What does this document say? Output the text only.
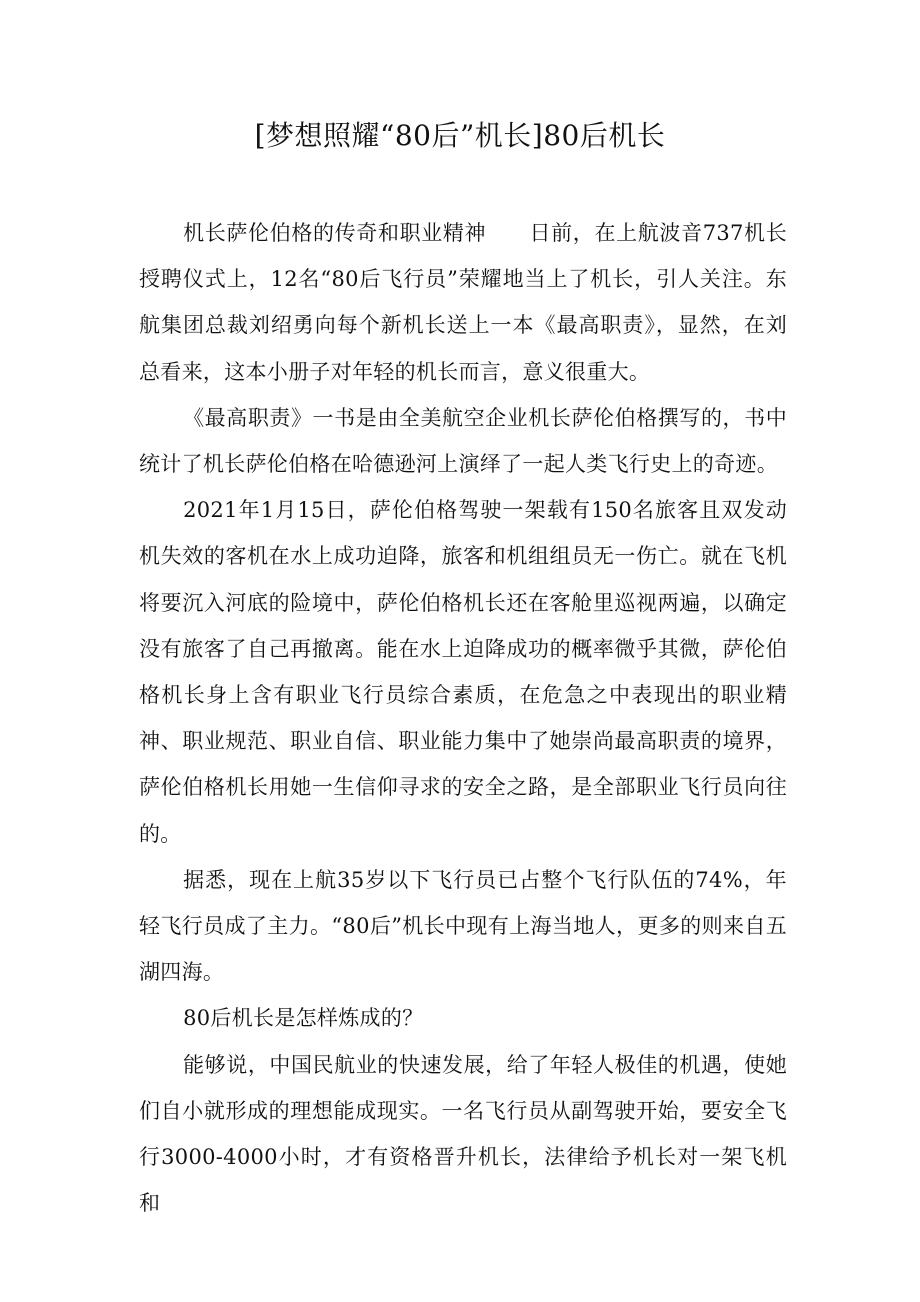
[梦想照耀“80后”机长]80后机长

机长萨伦伯格的传奇和职业精神　　日前，在上航波音737机长授聘仪式上，12名“80后飞行员”荣耀地当上了机长，引人关注。东航集团总裁刘绍勇向每个新机长送上一本《最高职责》，显然，在刘总看来，这本小册子对年轻的机长而言，意义很重大。

《最高职责》一书是由全美航空企业机长萨伦伯格撰写的，书中统计了机长萨伦伯格在哈德逊河上演绎了一起人类飞行史上的奇迹。

2021年1月15日，萨伦伯格驾驶一架载有150名旅客且双发动机失效的客机在水上成功迫降，旅客和机组组员无一伤亡。就在飞机将要沉入河底的险境中，萨伦伯格机长还在客舱里巡视两遍，以确定没有旅客了自己再撤离。能在水上迫降成功的概率微乎其微，萨伦伯格机长身上含有职业飞行员综合素质，在危急之中表现出的职业精神、职业规范、职业自信、职业能力集中了她崇尚最高职责的境界，萨伦伯格机长用她一生信仰寻求的安全之路，是全部职业飞行员向往的。

据悉，现在上航35岁以下飞行员已占整个飞行队伍的74%，年轻飞行员成了主力。“80后”机长中现有上海当地人，更多的则来自五湖四海。

80后机长是怎样炼成的？

能够说，中国民航业的快速发展，给了年轻人极佳的机遇，使她们自小就形成的理想能成现实。一名飞行员从副驾驶开始，要安全飞行3000-4000小时，才有资格晋升机长，法律给予机长对一架飞机和
